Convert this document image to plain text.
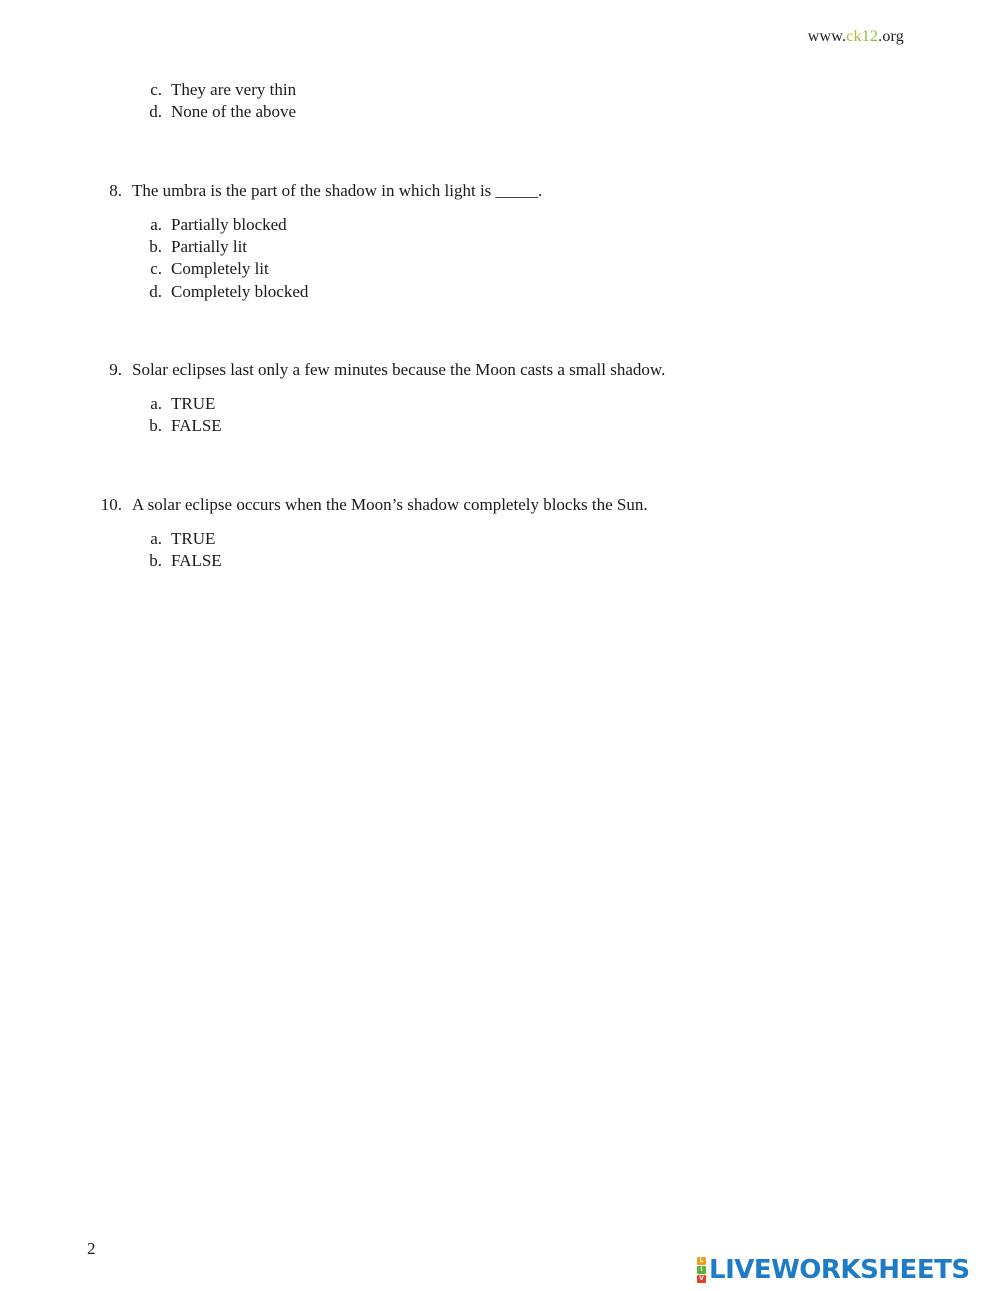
www.ck12.org
c. They are very thin
d. None of the above
8. The umbra is the part of the shadow in which light is _____.
a. Partially blocked
b. Partially lit
c. Completely lit
d. Completely blocked
9. Solar eclipses last only a few minutes because the Moon casts a small shadow.
a. TRUE
b. FALSE
10. A solar eclipse occurs when the Moon’s shadow completely blocks the Sun.
a. TRUE
b. FALSE
2
L
I
V LIVEWORKSHEETS
